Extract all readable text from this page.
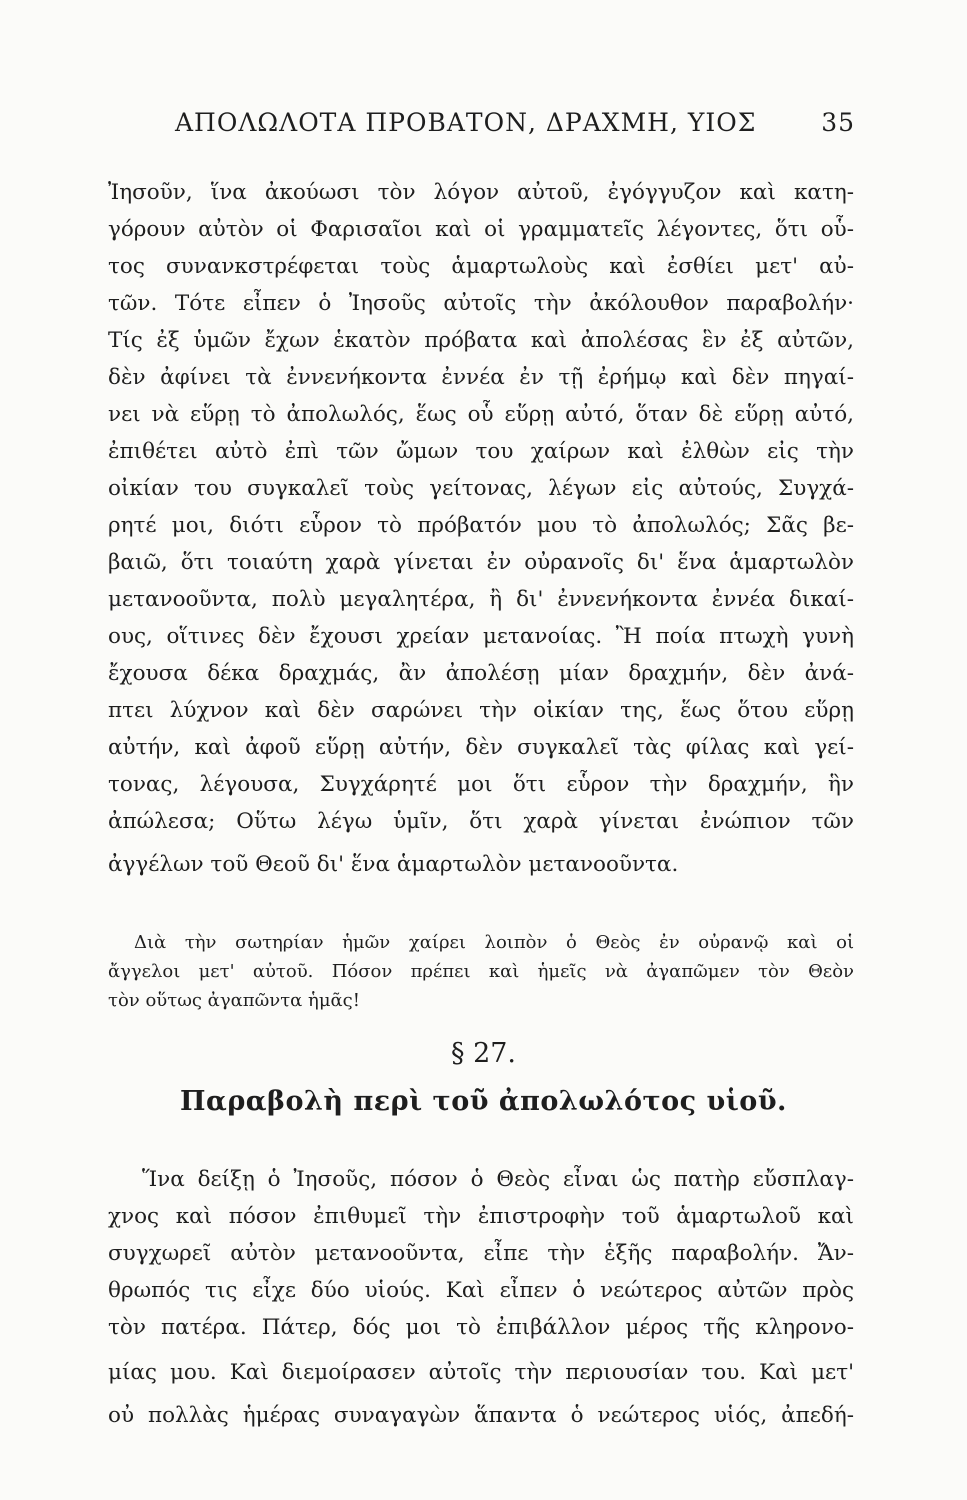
ΑΠΟΛΩΛΟΤΑ ΠΡΟΒΑΤΟΝ, ΔΡΑΧΜΗ, ΥΙΟΣ	35
Ἰησοῦν, ἵνα ἀκούωσι τὸν λόγον αὐτοῦ, ἐγόγγυζον καὶ κατη-
γόρουν αὐτὸν οἱ Φαρισαῖοι καὶ οἱ γραμματεῖς λέγοντες, ὅτι οὗ-
τος συνανκστρέφεται τοὺς ἁμαρτωλοὺς καὶ ἐσθίει μετ' αὐ-
τῶν. Τότε εἶπεν ὁ Ἰησοῦς αὐτοῖς τὴν ἀκόλουθον παραβολήν·
Τίς ἐξ ὑμῶν ἔχων ἑκατὸν πρόβατα καὶ ἀπολέσας ἓν ἐξ αὐτῶν,
δὲν ἀφίνει τὰ ἐννενήκοντα ἐννέα ἐν τῇ ἐρήμῳ καὶ δὲν πηγαί-
νει νὰ εὕρῃ τὸ ἀπολωλός, ἕως οὗ εὕρῃ αὐτό, ὅταν δὲ εὕρῃ αὐτό,
ἐπιθέτει αὐτὸ ἐπὶ τῶν ὤμων του χαίρων καὶ ἐλθὼν εἰς τὴν
οἰκίαν του συγκαλεῖ τοὺς γείτονας, λέγων εἰς αὐτούς, Συγχά-
ρητέ μοι, διότι εὗρον τὸ πρόβατόν μου τὸ ἀπολωλός; Σᾶς βε-
βαιῶ, ὅτι τοιαύτη χαρὰ γίνεται ἐν οὐρανοῖς δι' ἕνα ἁμαρτωλὸν
μετανοοῦντα, πολὺ μεγαλητέρα, ἢ δι' ἐννενήκοντα ἐννέα δικαί-
ους, οἵτινες δὲν ἔχουσι χρείαν μετανοίας. Ἢ ποία πτωχὴ γυνὴ
ἔχουσα δέκα δραχμάς, ἂν ἀπολέσῃ μίαν δραχμήν, δὲν ἀνά-
πτει λύχνον καὶ δὲν σαρώνει τὴν οἰκίαν της, ἕως ὅτου εὕρῃ
αὐτήν, καὶ ἀφοῦ εὕρῃ αὐτήν, δὲν συγκαλεῖ τὰς φίλας καὶ γεί-
τονας, λέγουσα, Συγχάρητέ μοι ὅτι εὗρον τὴν δραχμήν, ἣν
ἀπώλεσα; Οὕτω λέγω ὑμῖν, ὅτι χαρὰ γίνεται ἐνώπιον τῶν
ἀγγέλων τοῦ Θεοῦ δι' ἕνα ἁμαρτωλὸν μετανοοῦντα.
Διὰ τὴν σωτηρίαν ἡμῶν χαίρει λοιπὸν ὁ Θεὸς ἐν οὐρανῷ καὶ οἱ
ἄγγελοι μετ' αὐτοῦ. Πόσον πρέπει καὶ ἡμεῖς νὰ ἀγαπῶμεν τὸν Θεὸν
τὸν οὕτως ἀγαπῶντα ἡμᾶς!
§ 27.
Παραβολὴ περὶ τοῦ ἀπολωλότος υἱοῦ.
Ἵνα δείξῃ ὁ Ἰησοῦς, πόσον ὁ Θεὸς εἶναι ὡς πατὴρ εὔσπλαγ-
χνος καὶ πόσον ἐπιθυμεῖ τὴν ἐπιστροφὴν τοῦ ἁμαρτωλοῦ καὶ
συγχωρεῖ αὐτὸν μετανοοῦντα, εἶπε τὴν ἑξῆς παραβολήν. Ἄν-
θρωπός τις εἶχε δύο υἱούς. Καὶ εἶπεν ὁ νεώτερος αὐτῶν πρὸς
τὸν πατέρα. Πάτερ, δός μοι τὸ ἐπιβάλλον μέρος τῆς κληρονο-
μίας μου. Καὶ διεμοίρασεν αὐτοῖς τὴν περιουσίαν του. Καὶ μετ'
οὐ πολλὰς ἡμέρας συναγαγὼν ἅπαντα ὁ νεώτερος υἱός, ἀπεδή-
